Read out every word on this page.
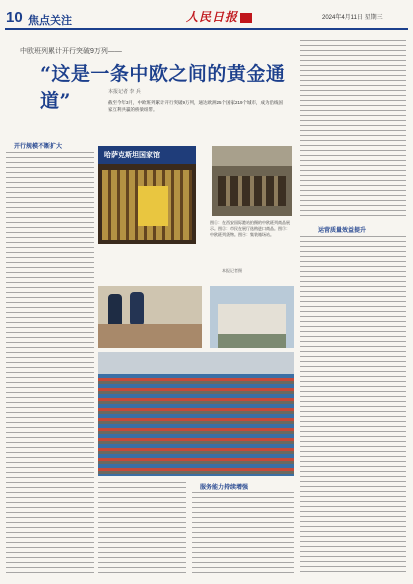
10 焦点关注	人民日报	2024年4月11日 星期三
中欧班列累计开行突破9万列——
“这是一条中欧之间的黄金通道”	本报记者 李 兵
截至今年3月，中欧班列累计开行突破9万列，通达欧洲25个国家219个城市，成为沿线国家互利共赢的桥梁纽带。
运营质量效益提升
开行规模不断扩大
哈萨克斯坦国家馆
图①：在西安国际港站拍摄的中欧班列商品展示。图②：市民在展厅选购进口商品。图③：中欧班列货物。图④：集装箱场站。
本报记者摄
服务能力持续增强
